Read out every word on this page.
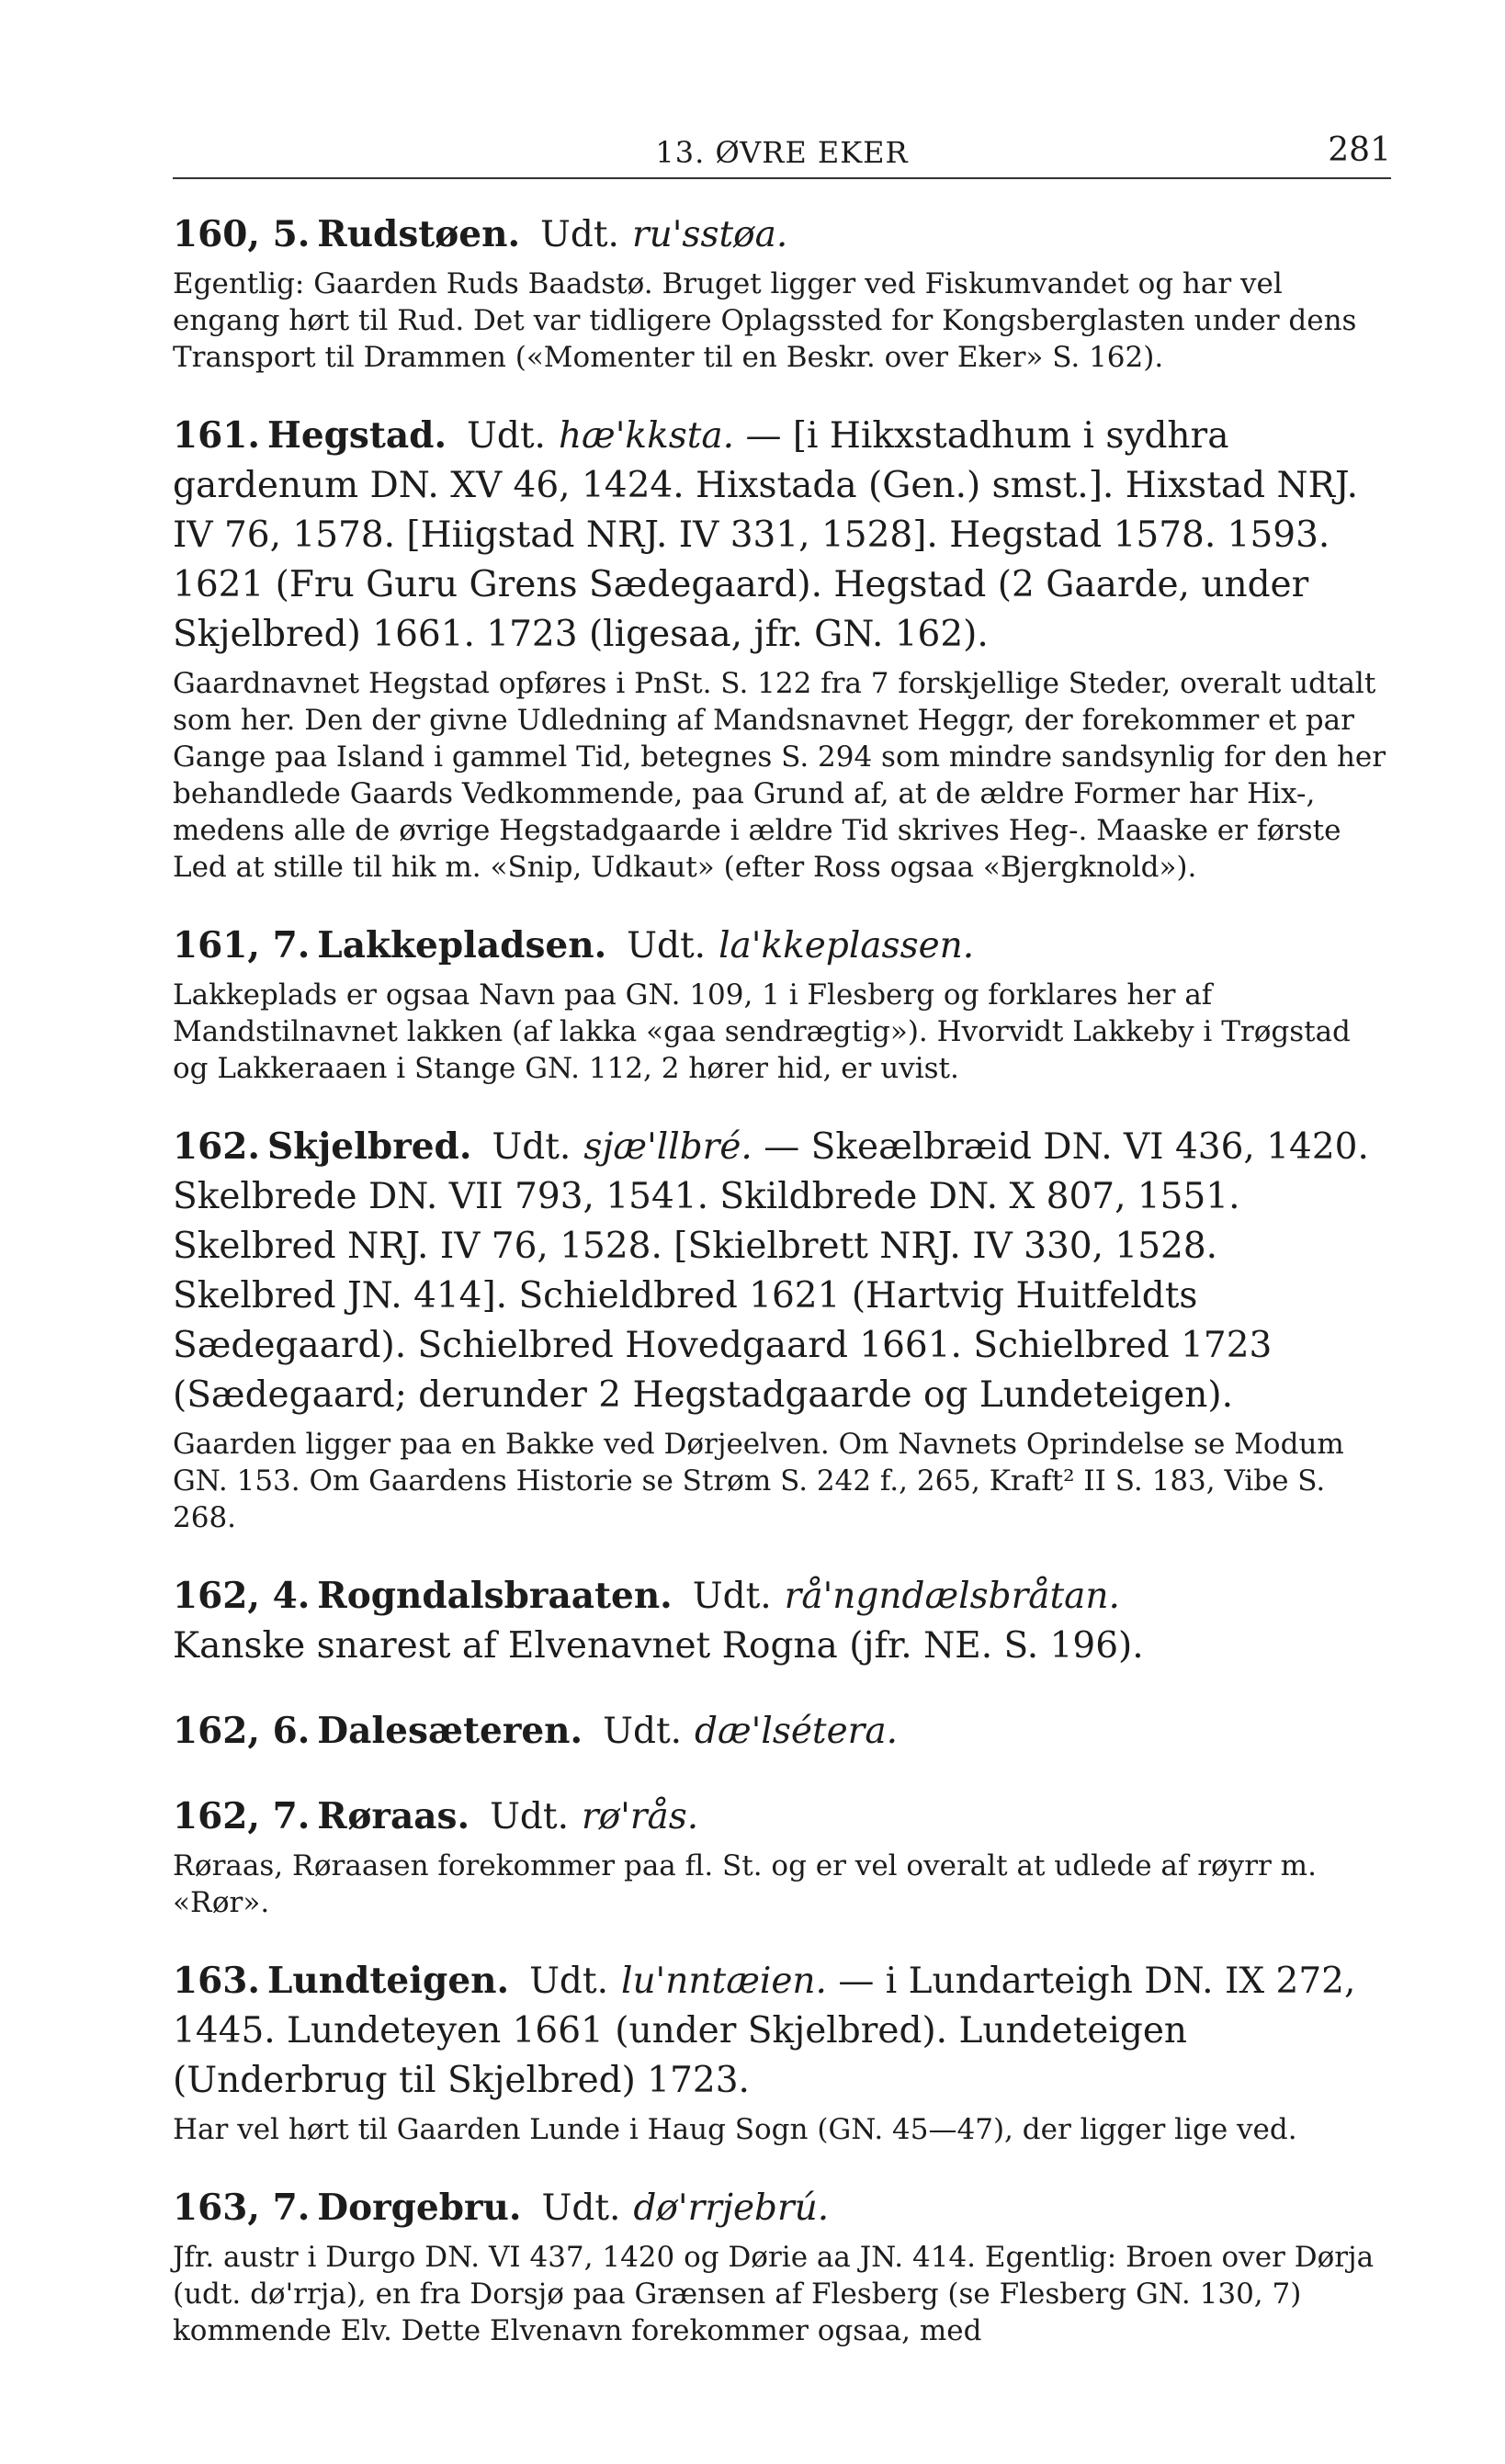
13. ØVRE EKER	281

160, 5. Rudstøen. Udt. ru'sstøa.

Egentlig: Gaarden Ruds Baadstø. Bruget ligger ved Fiskumvandet og har vel engang hørt til Rud. Det var tidligere Oplagssted for Kongsberglasten under dens Transport til Drammen («Momenter til en Beskr. over Eker» S. 162).

161. Hegstad. Udt. hæ'kksta. — [i Hikxstadhum i sydhra gardenum DN. XV 46, 1424. Hixstada (Gen.) smst.]. Hixstad NRJ. IV 76, 1578. [Hiigstad NRJ. IV 331, 1528]. Hegstad 1578. 1593. 1621 (Fru Guru Grens Sædegaard). Hegstad (2 Gaarde, under Skjelbred) 1661. 1723 (ligesaa, jfr. GN. 162).

Gaardnavnet Hegstad opføres i PnSt. S. 122 fra 7 forskjellige Steder, overalt udtalt som her. Den der givne Udledning af Mandsnavnet Heggr, der forekommer et par Gange paa Island i gammel Tid, betegnes S. 294 som mindre sandsynlig for den her behandlede Gaards Vedkommende, paa Grund af, at de ældre Former har Hix-, medens alle de øvrige Hegstadgaarde i ældre Tid skrives Heg-. Maaske er første Led at stille til hik m. «Snip, Udkaut» (efter Ross ogsaa «Bjergknold»).

161, 7. Lakkepladsen. Udt. la'kkeplassen.

Lakkeplads er ogsaa Navn paa GN. 109, 1 i Flesberg og forklares her af Mandstilnavnet lakken (af lakka «gaa sendrægtig»). Hvorvidt Lakkeby i Trøgstad og Lakkeraaen i Stange GN. 112, 2 hører hid, er uvist.

162. Skjelbred. Udt. sjæ'llbré. — Skeælbræid DN. VI 436, 1420. Skelbrede DN. VII 793, 1541. Skildbrede DN. X 807, 1551. Skelbred NRJ. IV 76, 1528. [Skielbrett NRJ. IV 330, 1528. Skelbred JN. 414]. Schieldbred 1621 (Hartvig Huitfeldts Sædegaard). Schielbred Hovedgaard 1661. Schielbred 1723 (Sædegaard; derunder 2 Hegstadgaarde og Lundeteigen).

Gaarden ligger paa en Bakke ved Dørjeelven. Om Navnets Oprindelse se Modum GN. 153. Om Gaardens Historie se Strøm S. 242 f., 265, Kraft² II S. 183, Vibe S. 268.

162, 4. Rogndalsbraaten. Udt. rå'ngndælsbråtan.

Kanske snarest af Elvenavnet Rogna (jfr. NE. S. 196).

162, 6. Dalesæteren. Udt. dæ'lsétera.

162, 7. Røraas. Udt. rø'rås.

Røraas, Røraasen forekommer paa fl. St. og er vel overalt at udlede af røyrr m. «Rør».

163. Lundteigen. Udt. lu'nntæien. — i Lundarteigh DN. IX 272, 1445. Lundeteyen 1661 (under Skjelbred). Lundeteigen (Underbrug til Skjelbred) 1723.

Har vel hørt til Gaarden Lunde i Haug Sogn (GN. 45—47), der ligger lige ved.

163, 7. Dorgebru. Udt. dø'rrjebrú.

Jfr. austr i Durgo DN. VI 437, 1420 og Dørie aa JN. 414. Egentlig: Broen over Dørja (udt. dø'rrja), en fra Dorsjø paa Grænsen af Flesberg (se Flesberg GN. 130, 7) kommende Elv. Dette Elvenavn forekommer ogsaa, med
